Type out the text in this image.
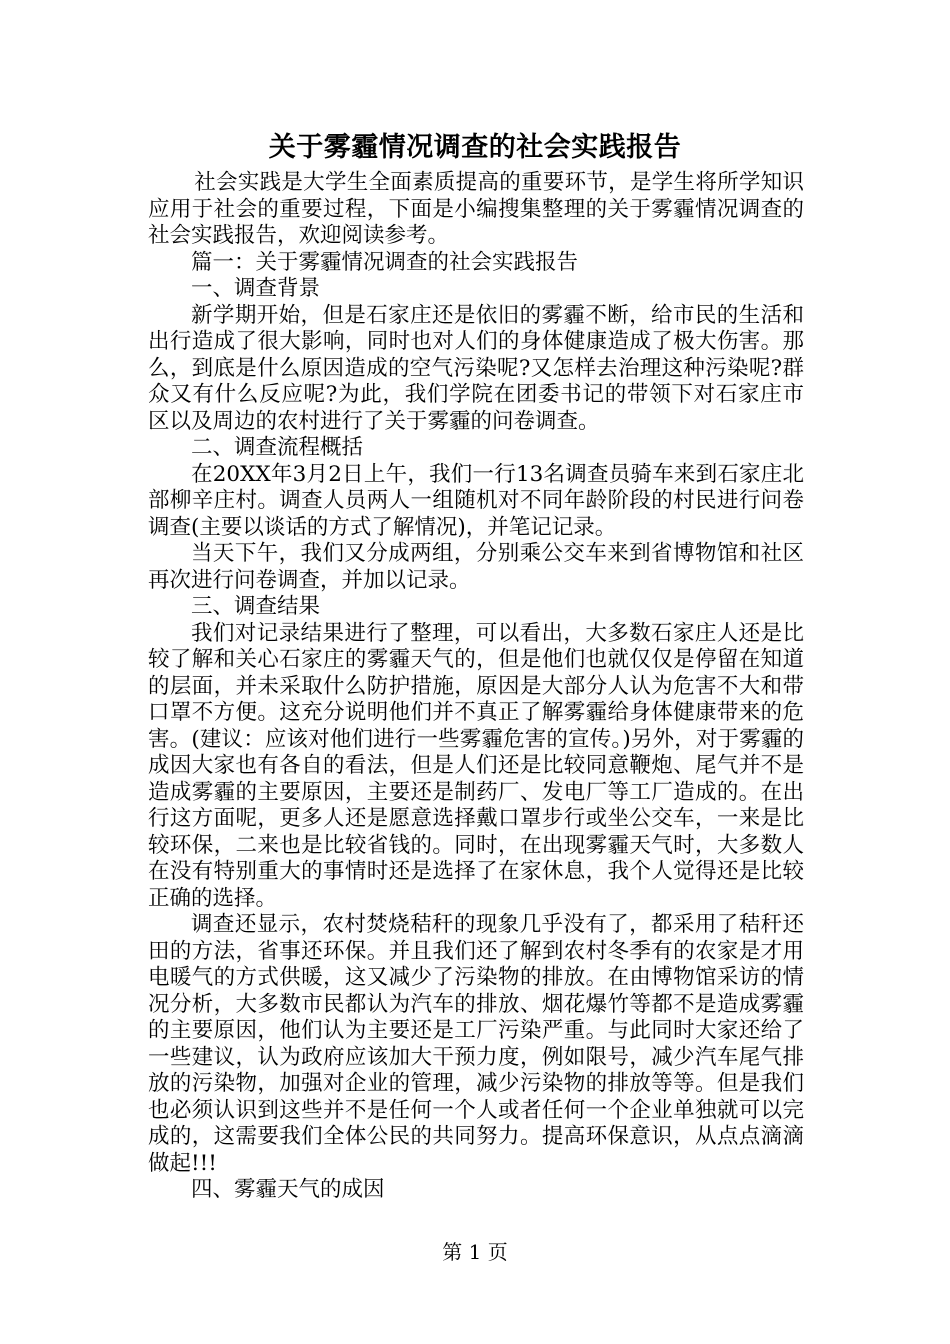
关于雾霾情况调查的社会实践报告

社会实践是大学生全面素质提高的重要环节，是学生将所学知识应用于社会的重要过程，下面是小编搜集整理的关于雾霾情况调查的社会实践报告，欢迎阅读参考。

篇一：关于雾霾情况调查的社会实践报告

一、调查背景

新学期开始，但是石家庄还是依旧的雾霾不断，给市民的生活和出行造成了很大影响，同时也对人们的身体健康造成了极大伤害。那么，到底是什么原因造成的空气污染呢?又怎样去治理这种污染呢?群众又有什么反应呢?为此，我们学院在团委书记的带领下对石家庄市区以及周边的农村进行了关于雾霾的问卷调查。

二、调查流程概括

在20XX年3月2日上午，我们一行13名调查员骑车来到石家庄北部柳辛庄村。调查人员两人一组随机对不同年龄阶段的村民进行问卷调查(主要以谈话的方式了解情况)，并笔记记录。

当天下午，我们又分成两组，分别乘公交车来到省博物馆和社区再次进行问卷调查，并加以记录。

三、调查结果

我们对记录结果进行了整理，可以看出，大多数石家庄人还是比较了解和关心石家庄的雾霾天气的，但是他们也就仅仅是停留在知道的层面，并未采取什么防护措施，原因是大部分人认为危害不大和带口罩不方便。这充分说明他们并不真正了解雾霾给身体健康带来的危害。(建议：应该对他们进行一些雾霾危害的宣传。)另外，对于雾霾的成因大家也有各自的看法，但是人们还是比较同意鞭炮、尾气并不是造成雾霾的主要原因，主要还是制药厂、发电厂等工厂造成的。在出行这方面呢，更多人还是愿意选择戴口罩步行或坐公交车，一来是比较环保，二来也是比较省钱的。同时，在出现雾霾天气时，大多数人在没有特别重大的事情时还是选择了在家休息，我个人觉得还是比较正确的选择。

调查还显示，农村焚烧秸秆的现象几乎没有了，都采用了秸秆还田的方法，省事还环保。并且我们还了解到农村冬季有的农家是才用电暖气的方式供暖，这又减少了污染物的排放。在由博物馆采访的情况分析，大多数市民都认为汽车的排放、烟花爆竹等都不是造成雾霾的主要原因，他们认为主要还是工厂污染严重。与此同时大家还给了一些建议，认为政府应该加大干预力度，例如限号，减少汽车尾气排放的污染物，加强对企业的管理，减少污染物的排放等等。但是我们也必须认识到这些并不是任何一个人或者任何一个企业单独就可以完成的，这需要我们全体公民的共同努力。提高环保意识，从点点滴滴做起!!!

四、雾霾天气的成因

第 1 页
